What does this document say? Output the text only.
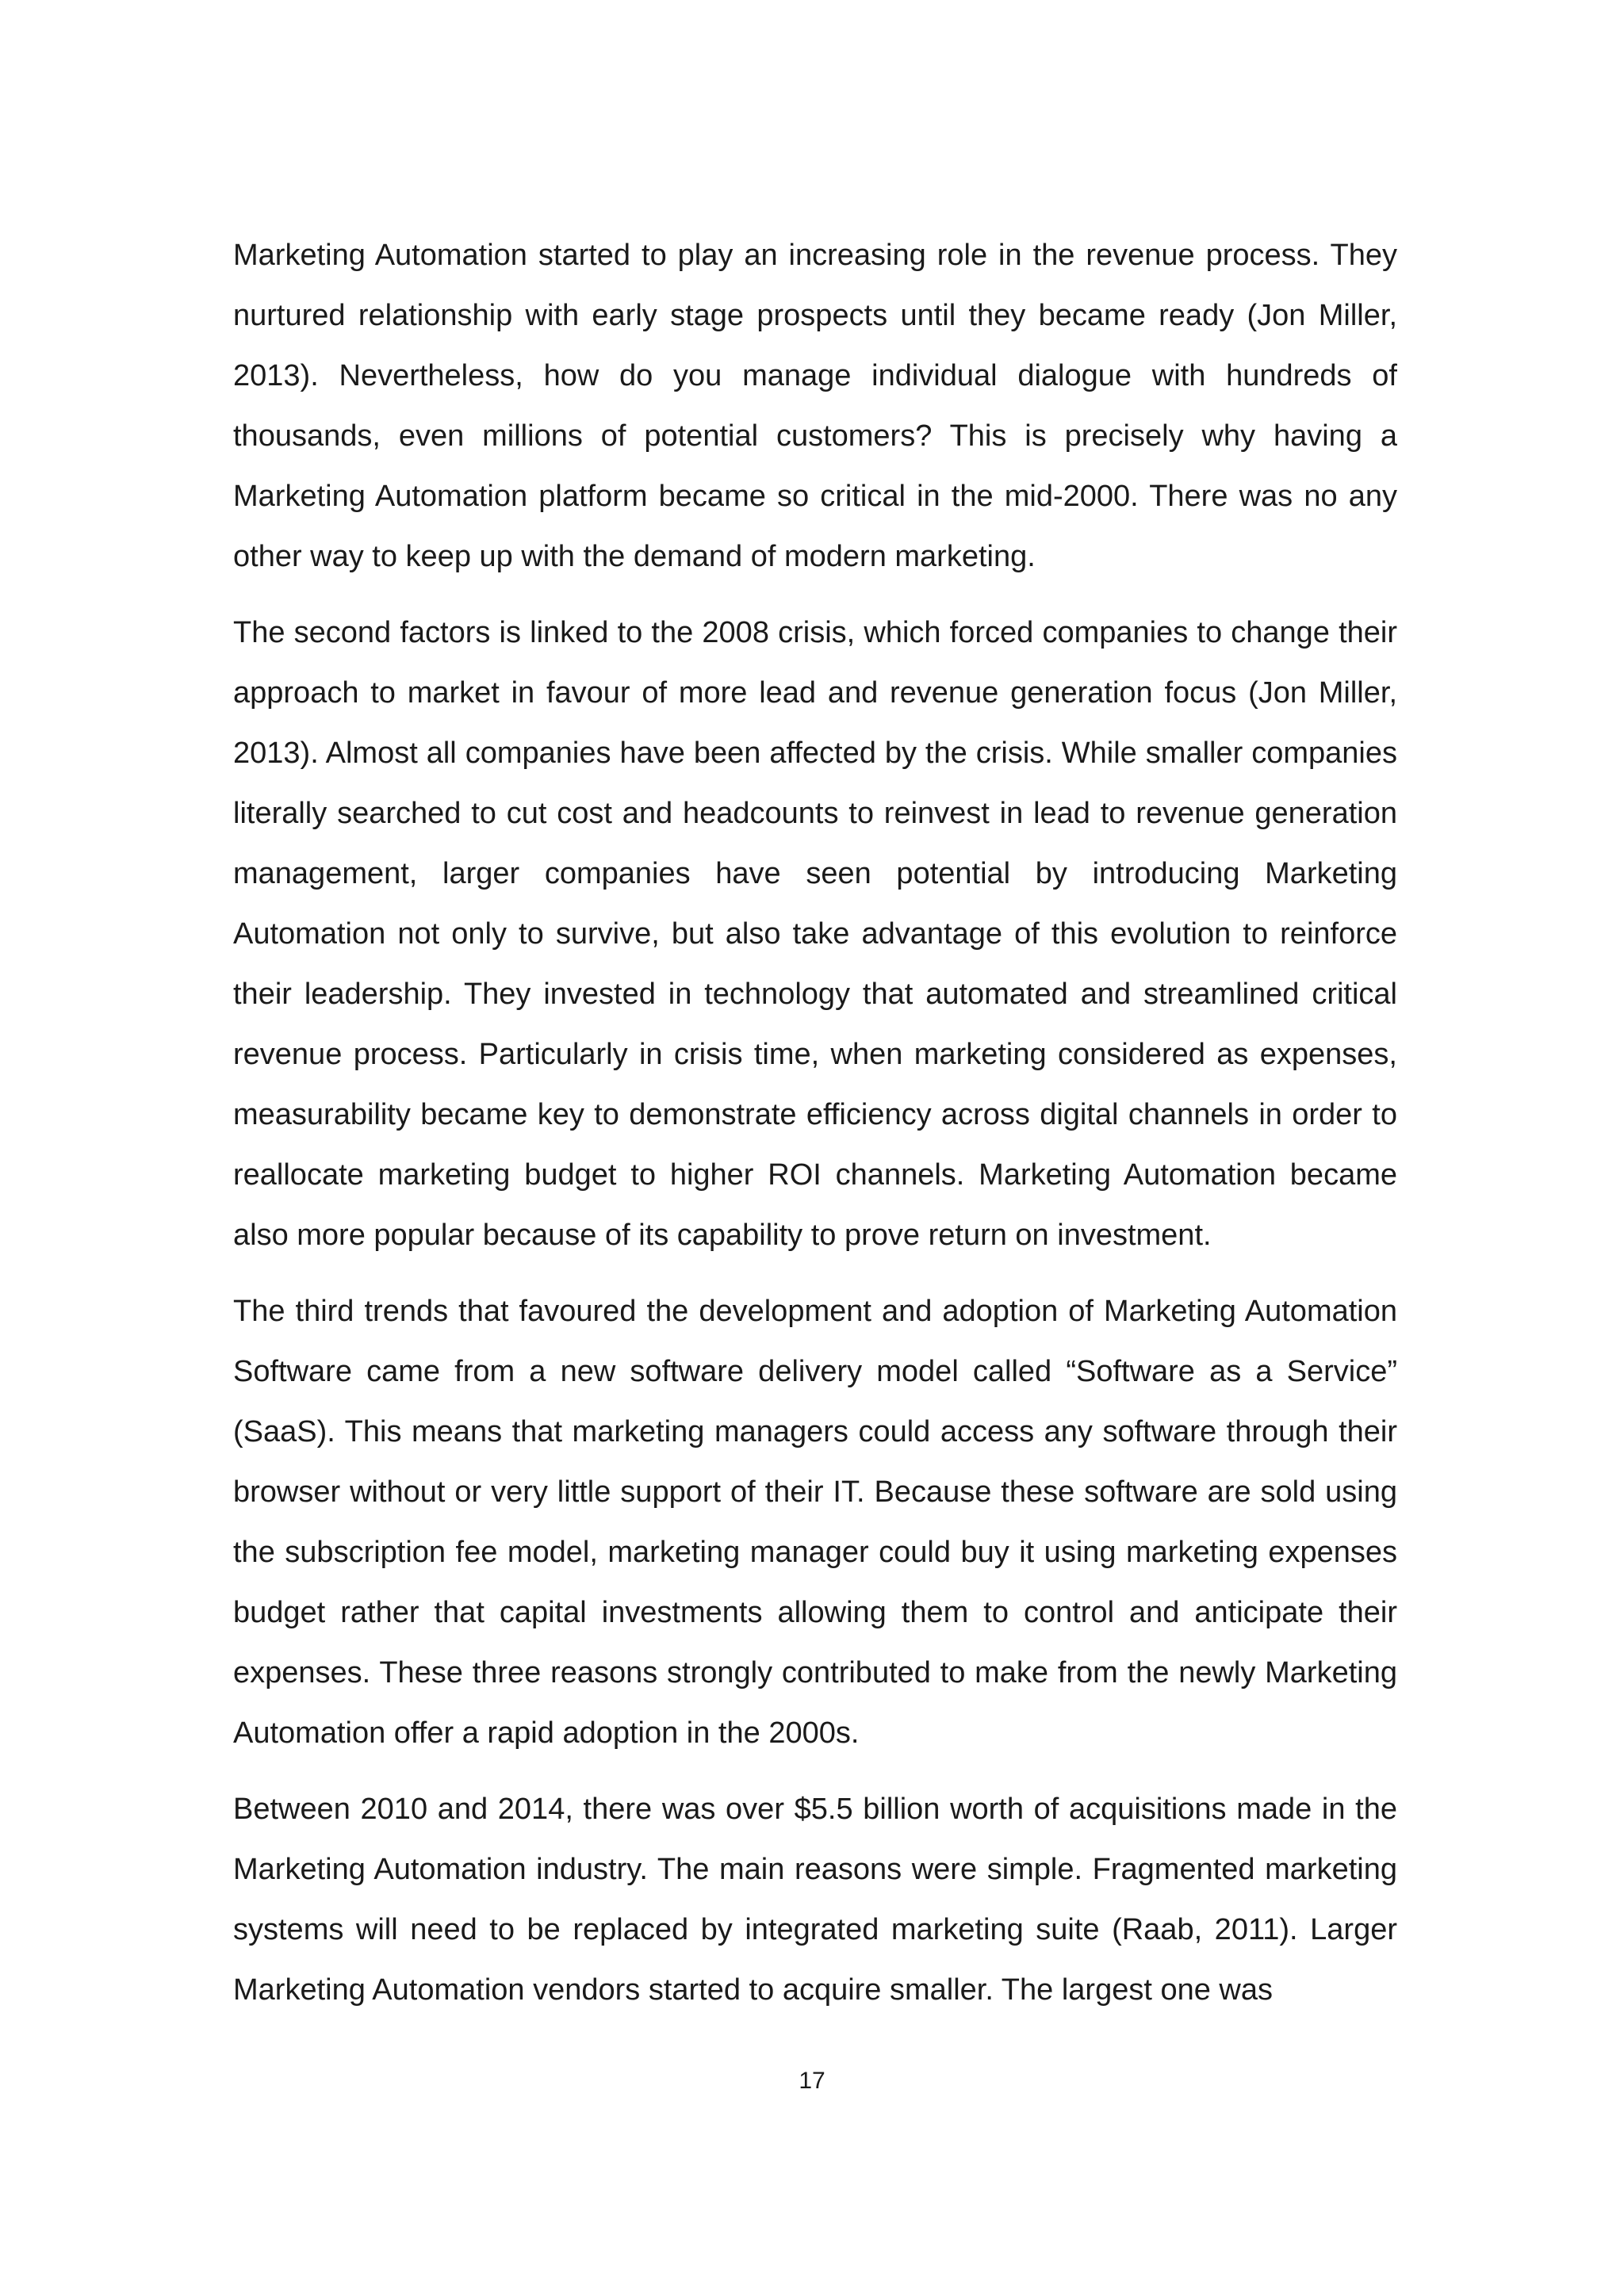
Marketing Automation started to play an increasing role in the revenue process. They nurtured relationship with early stage prospects until they became ready (Jon Miller, 2013). Nevertheless, how do you manage individual dialogue with hundreds of thousands, even millions of potential customers? This is precisely why having a Marketing Automation platform became so critical in the mid-2000. There was no any other way to keep up with the demand of modern marketing.

The second factors is linked to the 2008 crisis, which forced companies to change their approach to market in favour of more lead and revenue generation focus (Jon Miller, 2013). Almost all companies have been affected by the crisis. While smaller companies literally searched to cut cost and headcounts to reinvest in lead to revenue generation management, larger companies have seen potential by introducing Marketing Automation not only to survive, but also take advantage of this evolution to reinforce their leadership. They invested in technology that automated and streamlined critical revenue process. Particularly in crisis time, when marketing considered as expenses, measurability became key to demonstrate efficiency across digital channels in order to reallocate marketing budget to higher ROI channels. Marketing Automation became also more popular because of its capability to prove return on investment.

The third trends that favoured the development and adoption of Marketing Automation Software came from a new software delivery model called “Software as a Service” (SaaS). This means that marketing managers could access any software through their browser without or very little support of their IT. Because these software are sold using the subscription fee model, marketing manager could buy it using marketing expenses budget rather that capital investments allowing them to control and anticipate their expenses. These three reasons strongly contributed to make from the newly Marketing Automation offer a rapid adoption in the 2000s.

Between 2010 and 2014, there was over $5.5 billion worth of acquisitions made in the Marketing Automation industry. The main reasons were simple. Fragmented marketing systems will need to be replaced by integrated marketing suite (Raab, 2011). Larger Marketing Automation vendors started to acquire smaller. The largest one was

17
